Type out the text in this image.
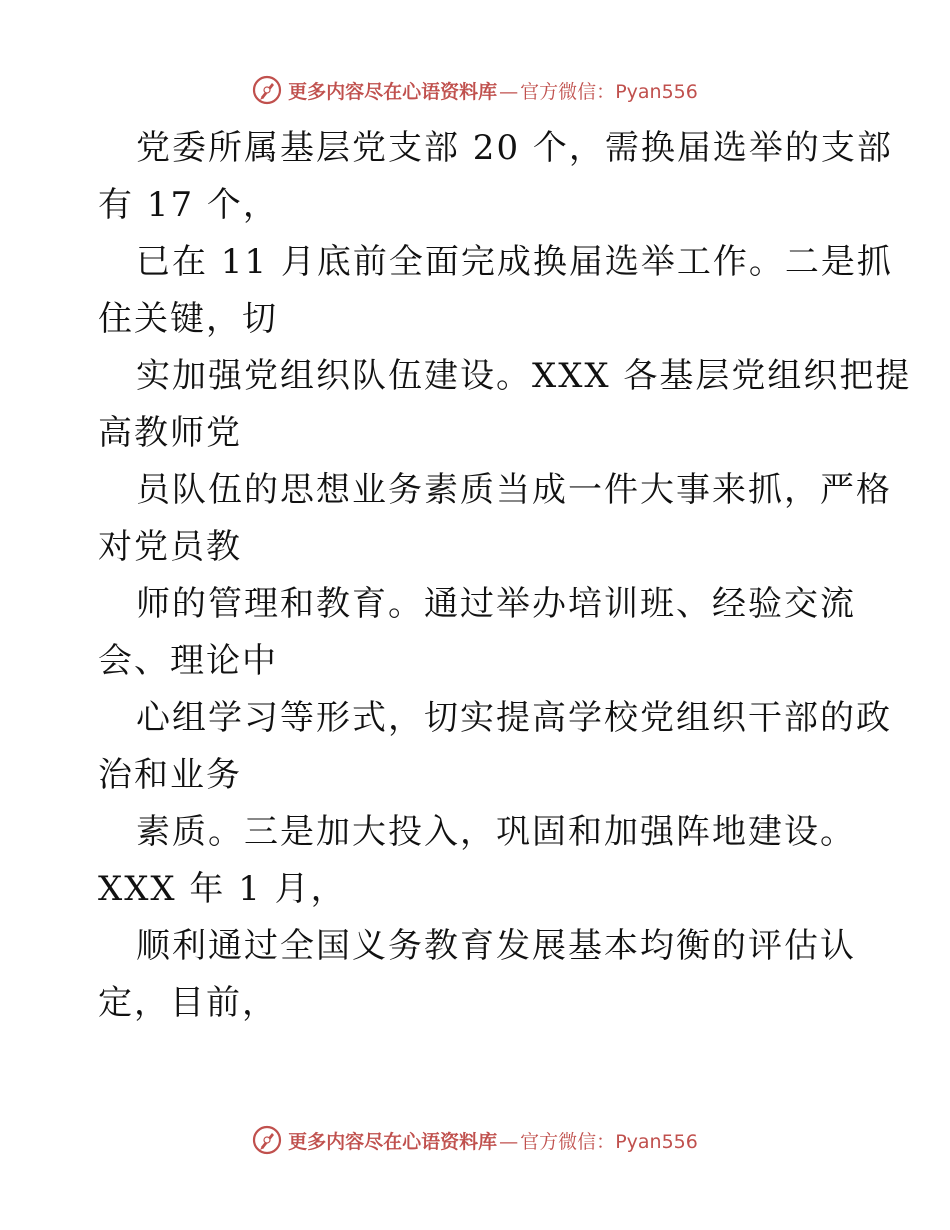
更多内容尽在心语资料库 — 官方微信：Pyan556
党委所属基层党支部 20 个，需换届选举的支部
有 17 个，
已在 11 月底前全面完成换届选举工作。二是抓
住关键，切
实加强党组织队伍建设。XXX 各基层党组织把提
高教师党
员队伍的思想业务素质当成一件大事来抓，严格
对党员教
师的管理和教育。通过举办培训班、经验交流
会、理论中
心组学习等形式，切实提高学校党组织干部的政
治和业务
素质。三是加大投入，巩固和加强阵地建设。
XXX 年 1 月，
顺利通过全国义务教育发展基本均衡的评估认
定，目前，
更多内容尽在心语资料库 — 官方微信：Pyan556
